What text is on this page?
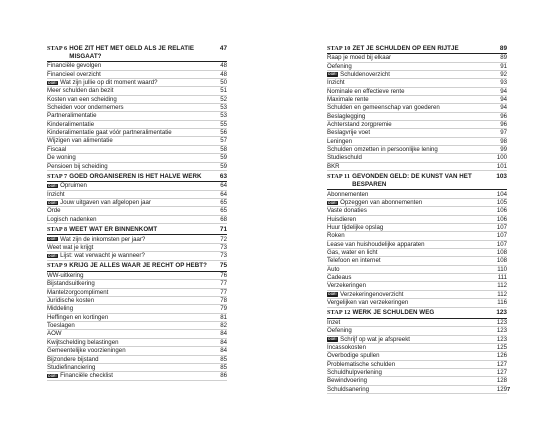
STAP 6 HOE ZIT HET MET GELD ALS JE RELATIE MISGAAT?
47
Financiële gevolgen	48
Financieel overzicht	48
DOE! Wat zijn jullie op dit moment waard?	50
Meer schulden dan bezit	51
Kosten van een scheiding	52
Scheiden voor ondernemers	53
Partneralimentatie	53
Kinderalimentatie	55
Kinderalimentatie gaat vóór partneralimentatie	56
Wijzigen van alimentatie	57
Fiscaal	58
De woning	59
Pensioen bij scheiding	59
STAP 7 GOED ORGANISEREN IS HET HALVE WERK	63
DOE! Opruimen	64
Inzicht	64
DOE! Jouw uitgaven van afgelopen jaar	65
Orde	65
Logisch nadenken	68
STAP 8 WEET WAT ER BINNENKOMT	71
DOE! Wat zijn de inkomsten per jaar?	72
Weet wat je krijgt	73
DOE! Lijst: wat verwacht je wanneer?	73
STAP 9 KRIJG JE ALLES WAAR JE RECHT OP HEBT?	75
WW-uitkering	76
Bijstandsuitkering	77
Mantelzorgcompliment	77
Juridische kosten	78
Middeling	79
Heffingen en kortingen	81
Toeslagen	82
AOW	84
Kwijtschelding belastingen	84
Gemeentelijke voorzieningen	84
Bijzondere bijstand	85
Studiefinanciering	85
DOE! Financiële checklist	86
STAP 10 ZET JE SCHULDEN OP EEN RIJTJE	89
Raap je moed bij elkaar	89
Oefening	91
DOE! Schuldenoverzicht	92
Inzicht	93
Nominale en effectieve rente	94
Maximale rente	94
Schulden en gemeenschap van goederen	94
Beslaglegging	96
Achterstand zorgpremie	96
Beslagvrije voet	97
Leningen	98
Schulden omzetten in persoonlijke lening	99
Studieschuld	100
BKR	101
STAP 11 GEVONDEN GELD: DE KUNST VAN HET BESPAREN
103
Abonnementen	104
DOE! Opzeggen van abonnementen	105
Vaste donaties	106
Huisdieren	106
Huur tijdelijke opslag	107
Roken	107
Lease van huishoudelijke apparaten	107
Gas, water en licht	108
Telefoon en internet	108
Auto	110
Cadeaus	111
Verzekeringen	112
DOE! Verzekeringenoverzicht	112
Vergelijken van verzekeringen	116
STAP 12 WERK JE SCHULDEN WEG	123
Inzet	123
Oefening	123
DOE! Schrijf op wat je afspreekt	123
Incassokosten	125
Overbodige spullen	126
Problematische schulden	127
Schuldhulpverlening	127
Bewindvoering	128
Schuldsanering	129 7
